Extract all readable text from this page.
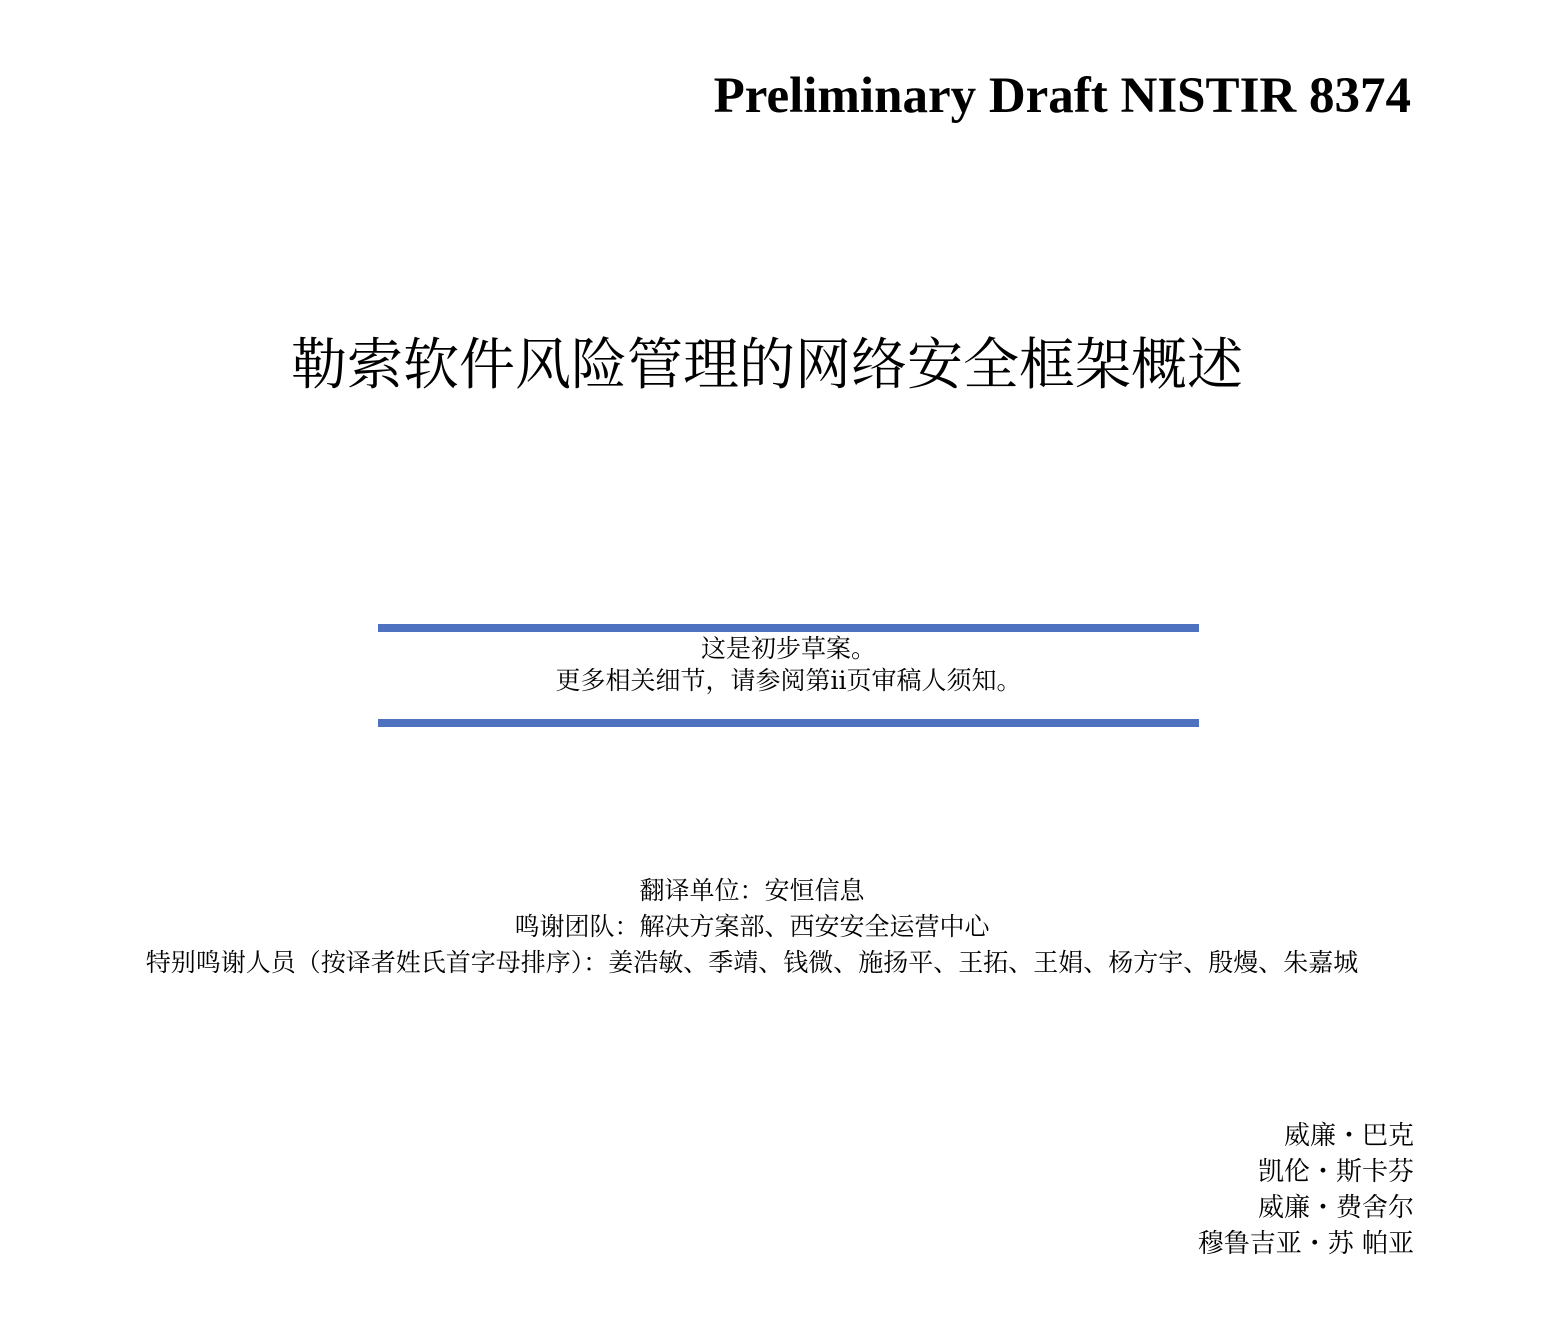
Preliminary Draft NISTIR 8374
勒索软件风险管理的网络安全框架概述
这是初步草案。
更多相关细节，请参阅第ii页审稿人须知。
翻译单位：安恒信息
鸣谢团队：解决方案部、西安安全运营中心
特别鸣谢人员（按译者姓氏首字母排序）：姜浩敏、季靖、钱微、施扬平、王拓、王娟、杨方宇、殷熳、朱嘉城
威廉・巴克
凯伦・斯卡芬
威廉・费舍尔
穆鲁吉亚・苏 帕亚
